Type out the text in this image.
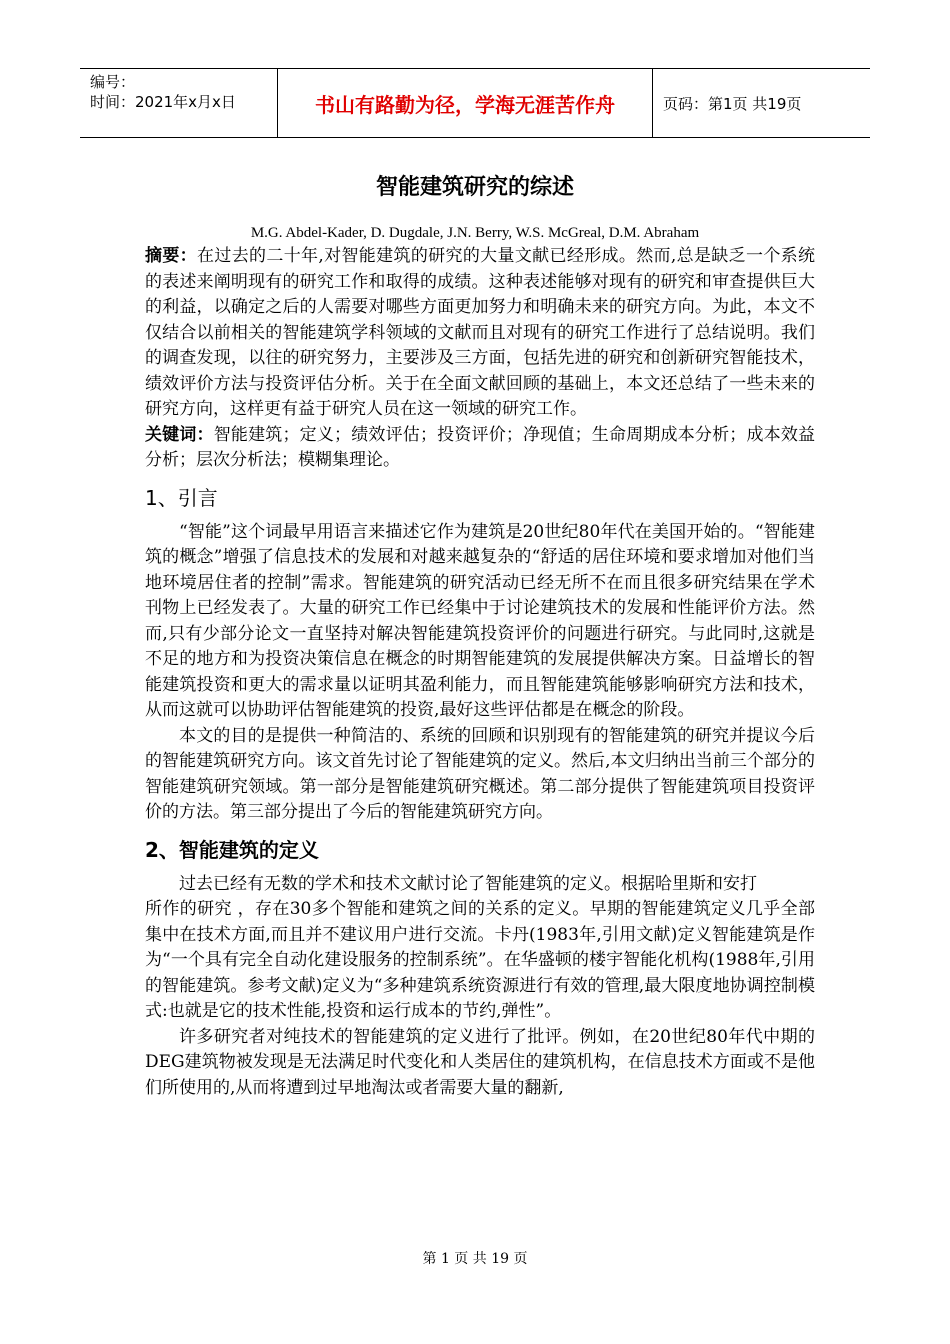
编号：
时间：2021年x月x日	书山有路勤为径，学海无涯苦作舟	页码：第1页 共19页
智能建筑研究的综述
M.G. Abdel-Kader, D. Dugdale, J.N. Berry, W.S. McGreal, D.M. Abraham

摘要：在过去的二十年,对智能建筑的研究的大量文献已经形成。然而,总是缺乏一个系统的表述来阐明现有的研究工作和取得的成绩。这种表述能够对现有的研究和审查提供巨大的利益，以确定之后的人需要对哪些方面更加努力和明确未来的研究方向。为此，本文不仅结合以前相关的智能建筑学科领域的文献而且对现有的研究工作进行了总结说明。我们的调查发现，以往的研究努力，主要涉及三方面，包括先进的研究和创新研究智能技术，绩效评价方法与投资评估分析。关于在全面文献回顾的基础上，本文还总结了一些未来的研究方向，这样更有益于研究人员在这一领域的研究工作。

关键词：智能建筑；定义；绩效评估；投资评价；净现值；生命周期成本分析；成本效益分析；层次分析法；模糊集理论。

1、引言

“智能”这个词最早用语言来描述它作为建筑是20世纪80年代在美国开始的。“智能建筑的概念”增强了信息技术的发展和对越来越复杂的“舒适的居住环境和要求增加对他们当地环境居住者的控制”需求。智能建筑的研究活动已经无所不在而且很多研究结果在学术刊物上已经发表了。大量的研究工作已经集中于讨论建筑技术的发展和性能评价方法。然而,只有少部分论文一直坚持对解决智能建筑投资评价的问题进行研究。与此同时,这就是不足的地方和为投资决策信息在概念的时期智能建筑的发展提供解决方案。日益增长的智能建筑投资和更大的需求量以证明其盈利能力，而且智能建筑能够影响研究方法和技术，从而这就可以协助评估智能建筑的投资,最好这些评估都是在概念的阶段。

本文的目的是提供一种简洁的、系统的回顾和识别现有的智能建筑的研究并提议今后的智能建筑研究方向。该文首先讨论了智能建筑的定义。然后,本文归纳出当前三个部分的智能建筑研究领域。第一部分是智能建筑研究概述。第二部分提供了智能建筑项目投资评价的方法。第三部分提出了今后的智能建筑研究方向。

2、智能建筑的定义

过去已经有无数的学术和技术文献讨论了智能建筑的定义。根据哈里斯和安打

所作的研究 ，存在30多个智能和建筑之间的关系的定义。早期的智能建筑定义几乎全部集中在技术方面,而且并不建议用户进行交流。卡丹(1983年,引用文献)定义智能建筑是作为“一个具有完全自动化建设服务的控制系统”。在华盛顿的楼宇智能化机构(1988年,引用的智能建筑。参考文献)定义为“多种建筑系统资源进行有效的管理,最大限度地协调控制模式:也就是它的技术性能,投资和运行成本的节约,弹性”。

许多研究者对纯技术的智能建筑的定义进行了批评。例如，在20世纪80年代中期的DEG建筑物被发现是无法满足时代变化和人类居住的建筑机构，在信息技术方面或不是他们所使用的,从而将遭到过早地淘汰或者需要大量的翻新,

第 1 页 共 19 页
